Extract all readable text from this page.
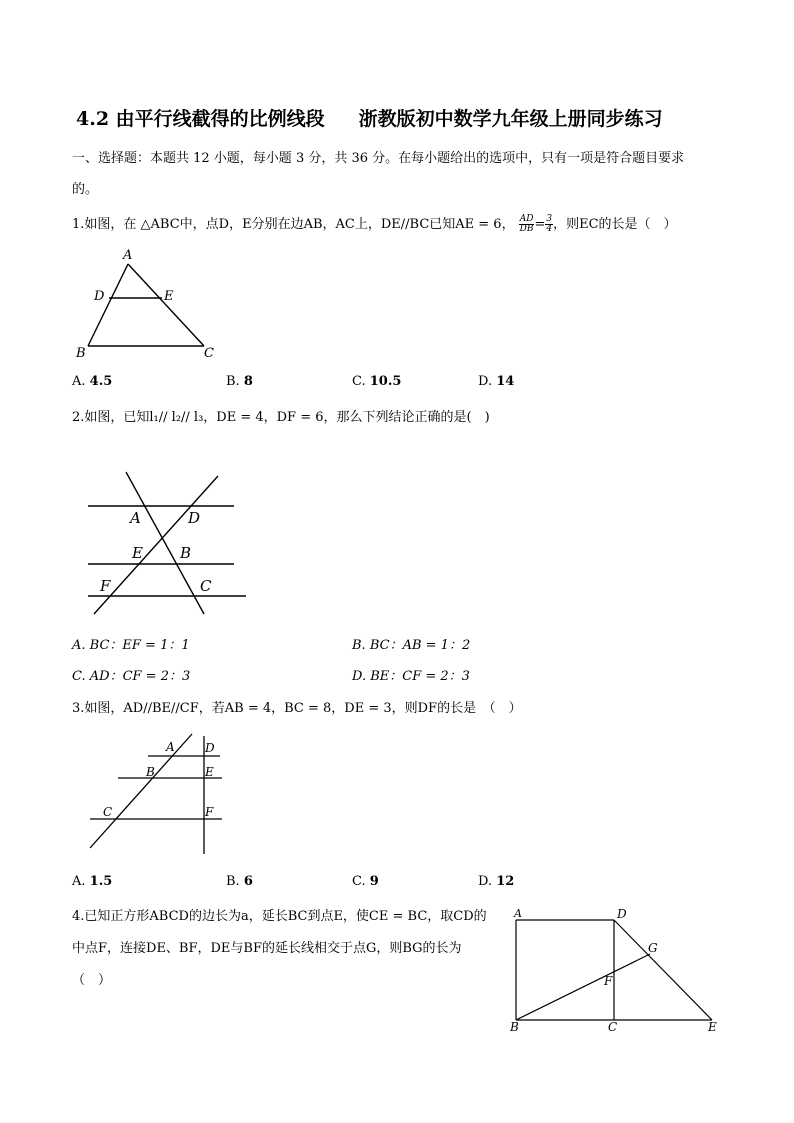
4.2 由平行线截得的比例线段 浙教版初中数学九年级上册同步练习
一、选择题：本题共 12 小题，每小题 3 分，共 36 分。在每小题给出的选项中，只有一项是符合题目要求
的。
1.如图，在 △ABC中，点D，E分别在边AB，AC上，DE//BC已知AE = 6， $\frac{AD}{DB} = \frac{3}{4}$ ，则EC的长是（　）
A
D	E
B	C
A. 4.5	B. 8	C. 10.5	D. 14
2.如图，已知l₁// l₂// l₃，DE = 4，DF = 6，那么下列结论正确的是(　)
A	D
E B
F	C
A. BC：EF = 1：1	B. BC：AB = 1：2
C. AD：CF = 2：3	D. BE：CF = 2：3
3.如图，AD//BE//CF，若AB = 4，BC = 8，DE = 3，则DF的长是　（　）
A	D
B	E
C	F
A. 1.5	B. 6	C. 9	D. 12
4.已知正方形ABCD的边长为a，延长BC到点E，使CE = BC，取CD的
中点F，连接DE、BF，DE与BF的延长线相交于点G，则BG的长为
（　）
A	D
G
F
B	C	E
